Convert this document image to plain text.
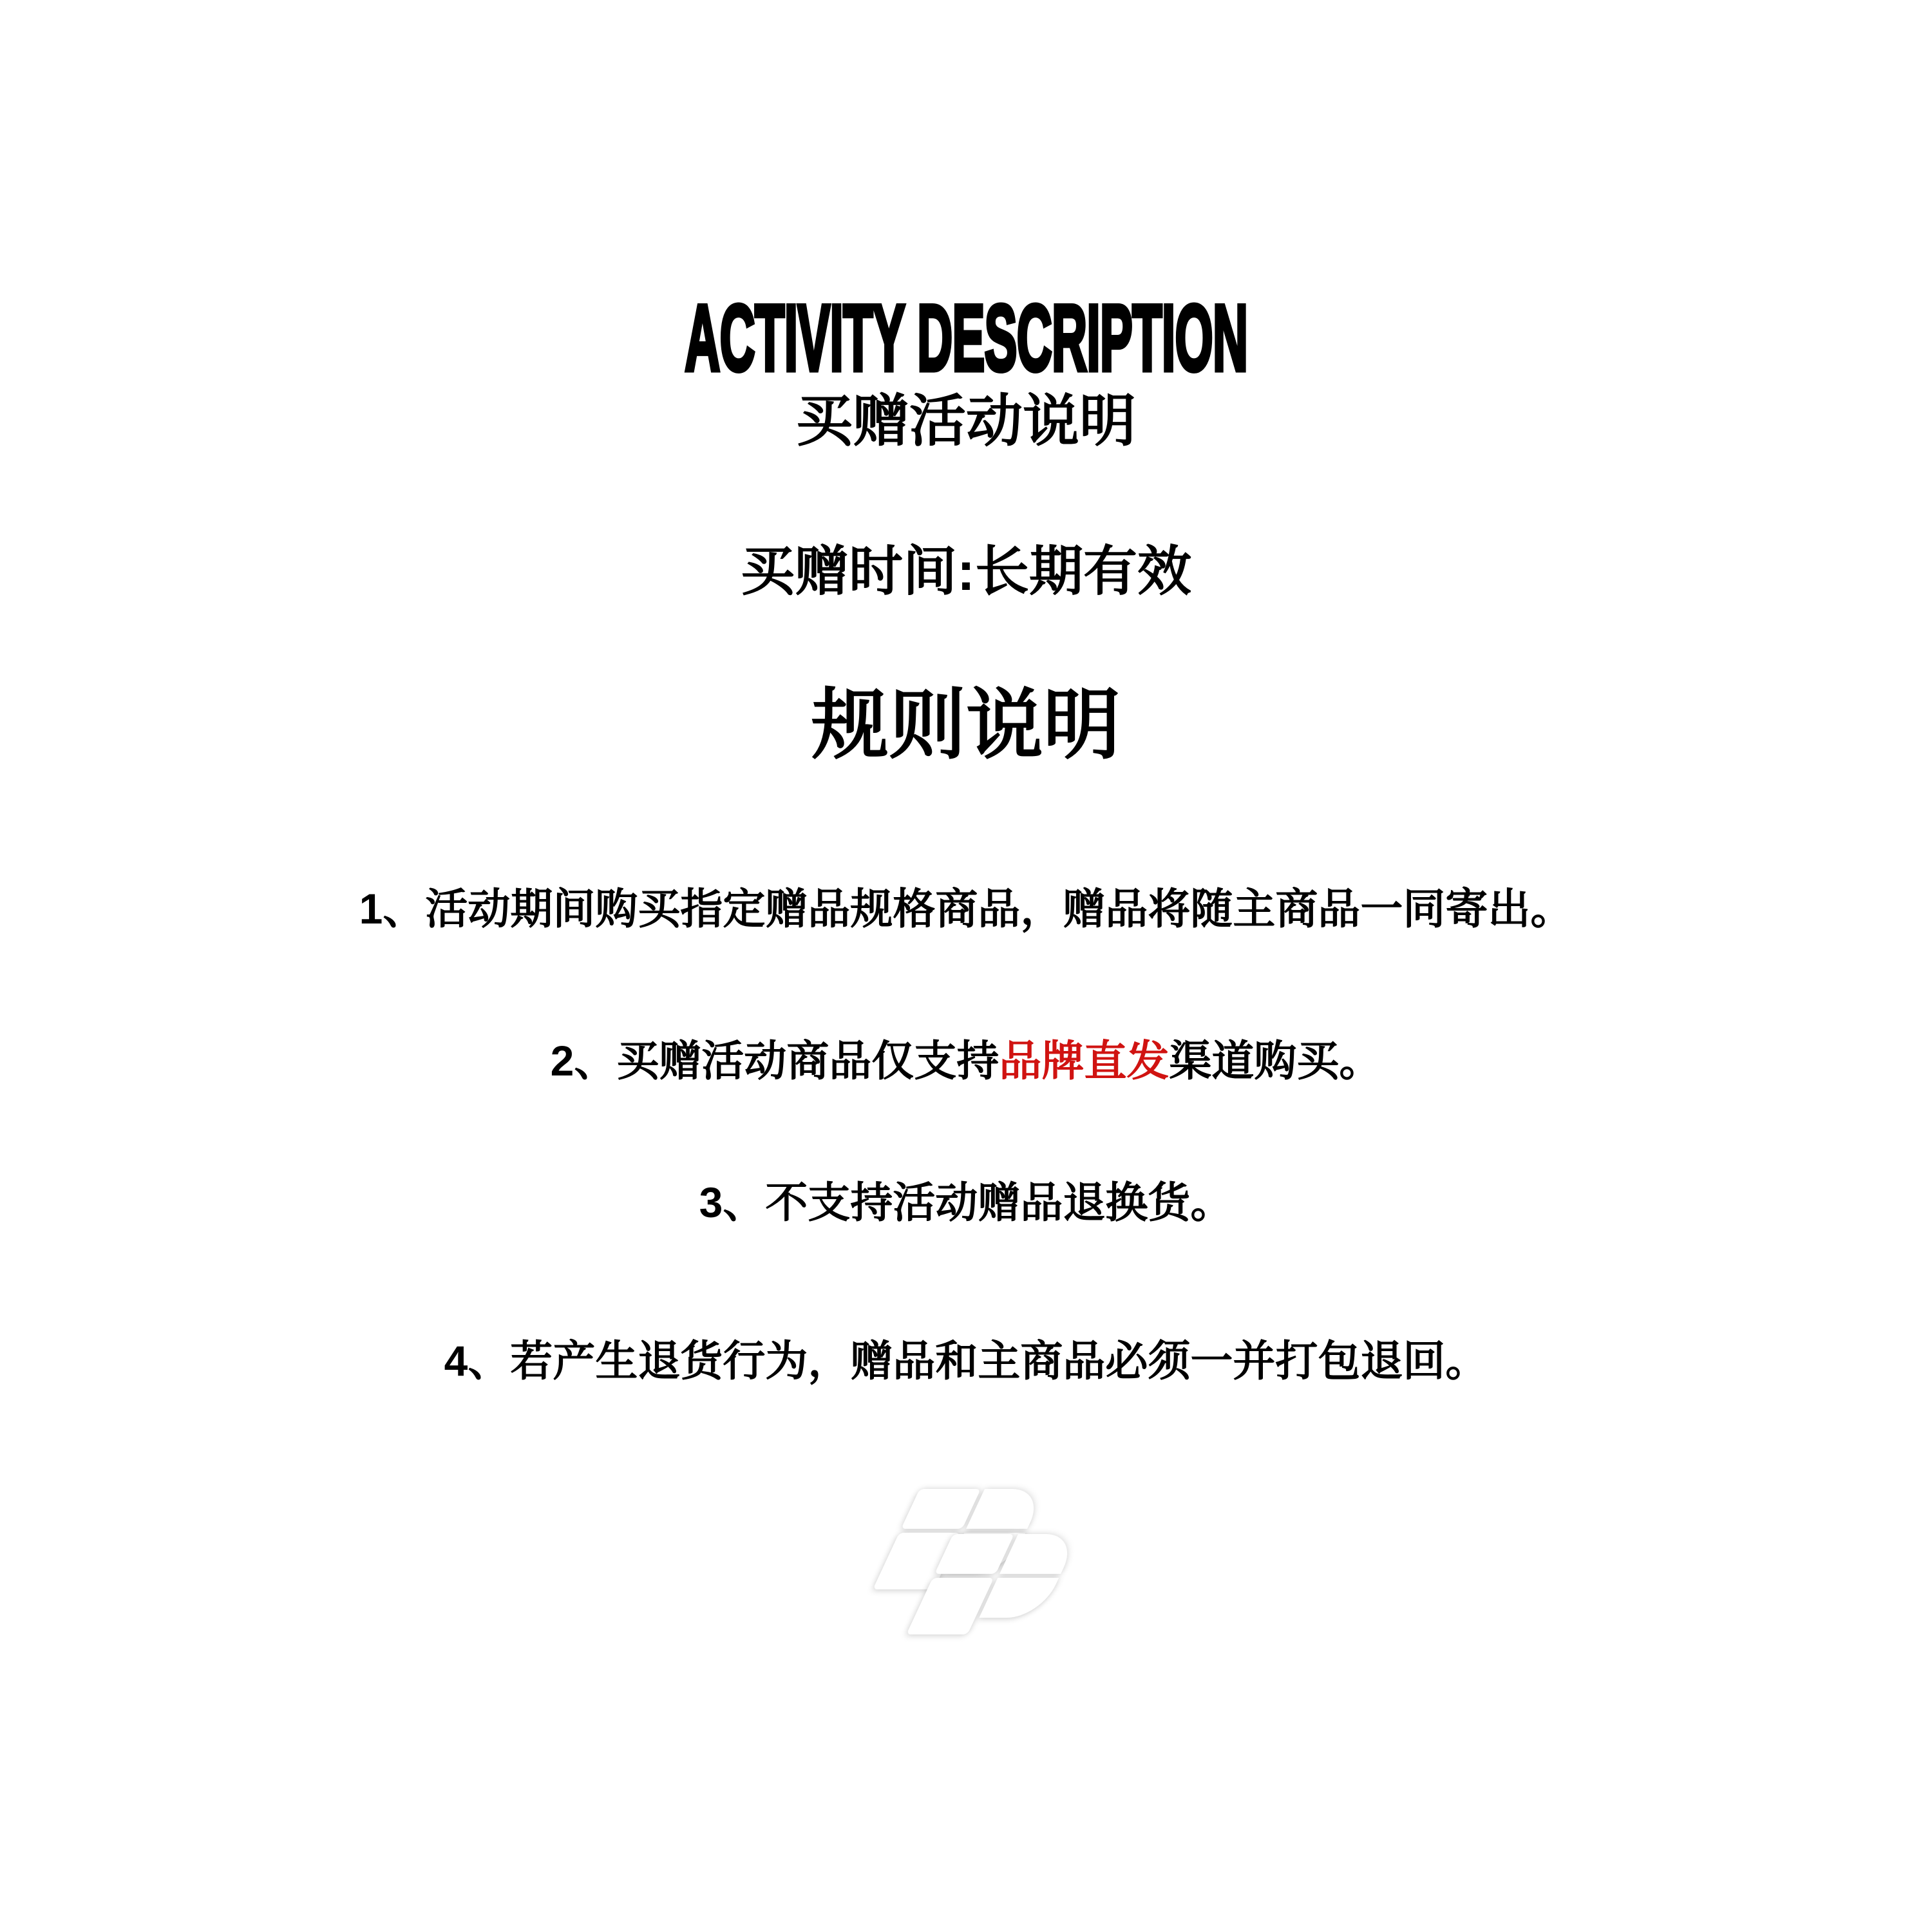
ACTIVITY DESCRIPTION
买赠活动说明
买赠时间:长期有效
规则说明
1、活动期间购买指定赠品规格商品，赠品将随主商品一同寄出。
2、买赠活动商品仅支持品牌直发渠道购买。
3、不支持活动赠品退换货。
4、若产生退货行为，赠品和主商品必须一并打包退回。
